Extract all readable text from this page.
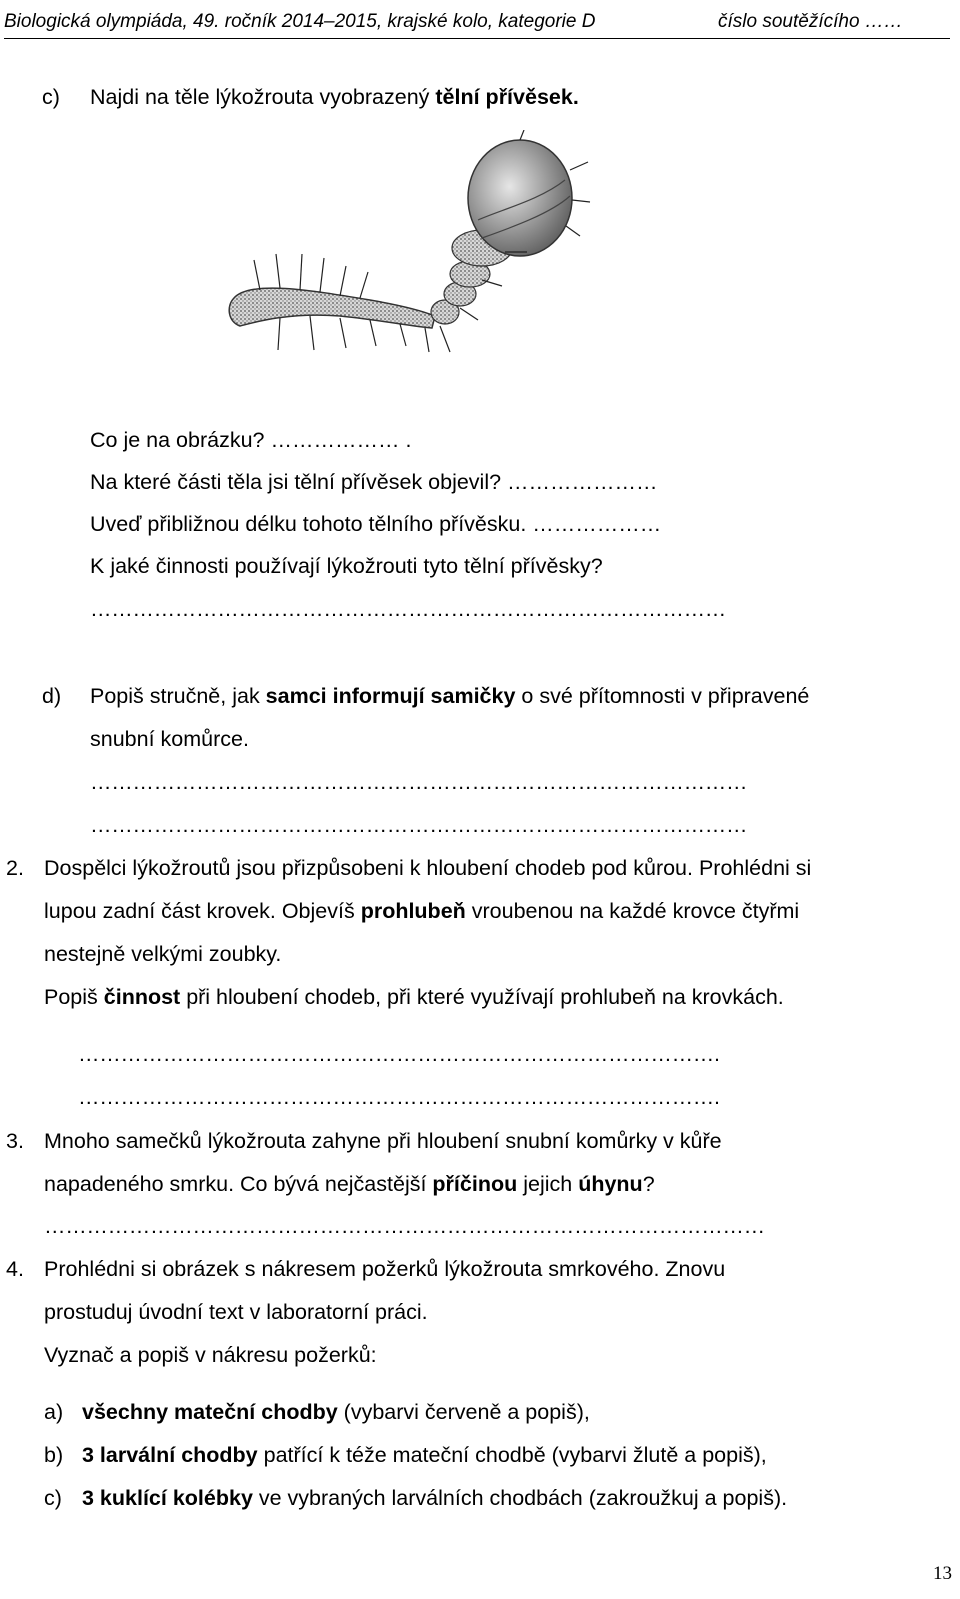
Biologická olympiáda, 49. ročník 2014–2015, krajské kolo, kategorie D	číslo soutěžícího ……
c) Najdi na těle lýkožrouta vyobrazený tělní přívěsek.
Co je na obrázku? ……………… .
Na které části těla jsi tělní přívěsek objevil? …………………
Uveď přibližnou délku tohoto tělního přívěsku. ………………
K jaké činnosti používají lýkožrouti tyto tělní přívěsky?
………………………………………………………………………………
d) Popiš stručně, jak samci informují samičky o své přítomnosti v připravené
snubní komůrce.
…………………………………………………………………………………
…………………………………………………………………………………
2. Dospělci lýkožroutů jsou přizpůsobeni k hloubení chodeb pod kůrou. Prohlédni si
lupou zadní část krovek. Objevíš prohlubeň vroubenou na každé krovce čtyřmi
nestejně velkými zoubky.
Popiš činnost při hloubení chodeb, při které využívají prohlubeň na krovkách.
……………………………………………………………………………….
……………………………………………………………………………….
3. Mnoho samečků lýkožrouta zahyne při hloubení snubní komůrky v kůře
napadeného smrku. Co bývá nejčastější příčinou jejich úhynu?
…………………………………………………………………………………………
4. Prohlédni si obrázek s nákresem požerků lýkožrouta smrkového. Znovu
prostuduj úvodní text v laboratorní práci.
Vyznač a popiš v nákresu požerků:
a) všechny mateční chodby (vybarvi červeně a popiš),
b) 3 larvální chodby patřící k téže mateční chodbě (vybarvi žlutě a popiš),
c) 3 kuklící kolébky ve vybraných larválních chodbách (zakroužkuj a popiš).
13
